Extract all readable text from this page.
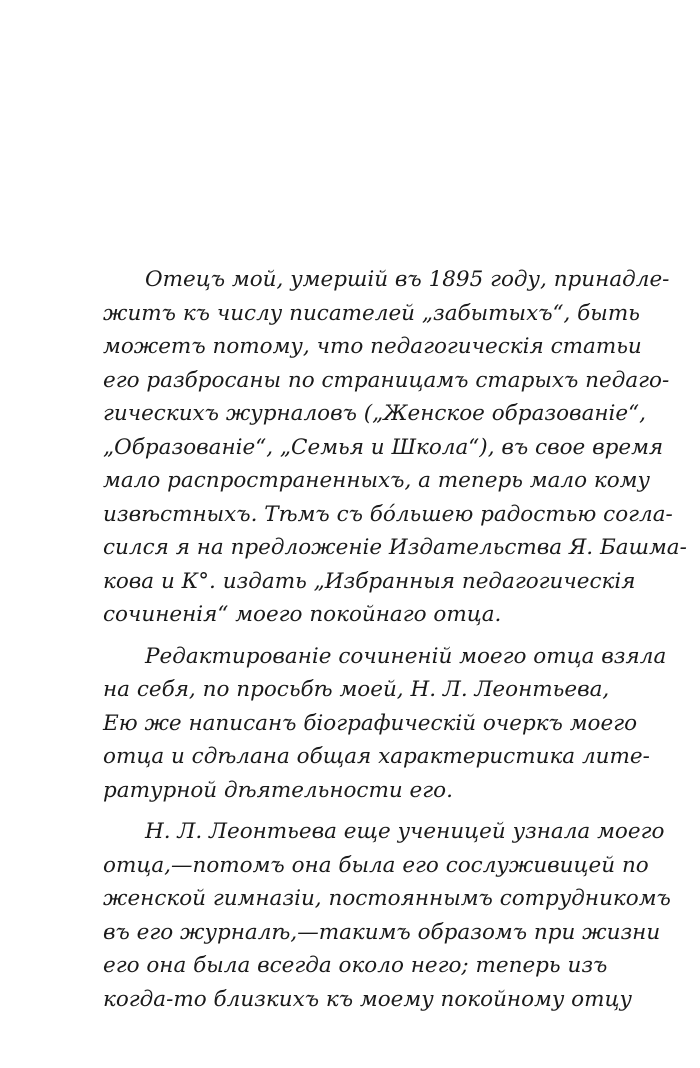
Отецъ мой, умершій въ 1895 году, принадле-
житъ къ числу писателей „забытыхъ“, быть
можетъ потому, что педагогическія статьи
его разбросаны по страницамъ старыхъ педаго-
гическихъ журналовъ („Женское образованіе“,
„Образованіе“, „Семья и Школа“), въ свое время
мало распространенныхъ, а теперь мало кому
извѣстныхъ. Тѣмъ съ бóльшею радостью согла-
сился я на предложеніе Издательства Я. Башма-
кова и К°. издать „Избранныя педагогическія
сочиненія“ моего покойнаго отца.

Редактированіе сочиненій моего отца взяла
на себя, по просьбѣ моей, Н. Л. Леонтьева,
Ею же написанъ біографическій очеркъ моего
отца и сдѣлана общая характеристика лите-
ратурной дѣятельности его.

Н. Л. Леонтьева еще ученицей узнала моего
отца,—потомъ она была его сослуживицей по
женской гимназіи, постояннымъ сотрудникомъ
въ его журналѣ,—такимъ образомъ при жизни
его она была всегда около него; теперь изъ
когда-то близкихъ къ моему покойному отцу
